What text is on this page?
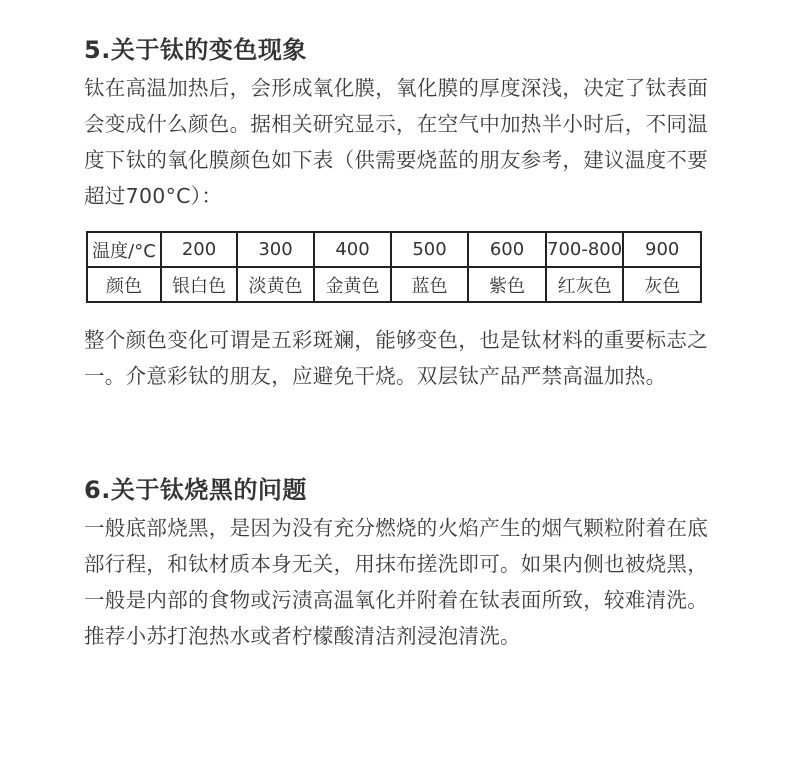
5.关于钛的变色现象

钛在高温加热后，会形成氧化膜，氧化膜的厚度深浅，决定了钛表面会变成什么颜色。据相关研究显示，在空气中加热半小时后，不同温度下钛的氧化膜颜色如下表（供需要烧蓝的朋友参考，建议温度不要超过700°C）：

温度/°C	200	300	400	500	600	700-800	900
颜色	银白色	淡黄色	金黄色	蓝色	紫色	红灰色	灰色

整个颜色变化可谓是五彩斑斓，能够变色，也是钛材料的重要标志之一。介意彩钛的朋友，应避免干烧。双层钛产品严禁高温加热。

6.关于钛烧黑的问题

一般底部烧黑，是因为没有充分燃烧的火焰产生的烟气颗粒附着在底部行程，和钛材质本身无关，用抹布搓洗即可。如果内侧也被烧黑，一般是内部的食物或污渍高温氧化并附着在钛表面所致，较难清洗。推荐小苏打泡热水或者柠檬酸清洁剂浸泡清洗。
